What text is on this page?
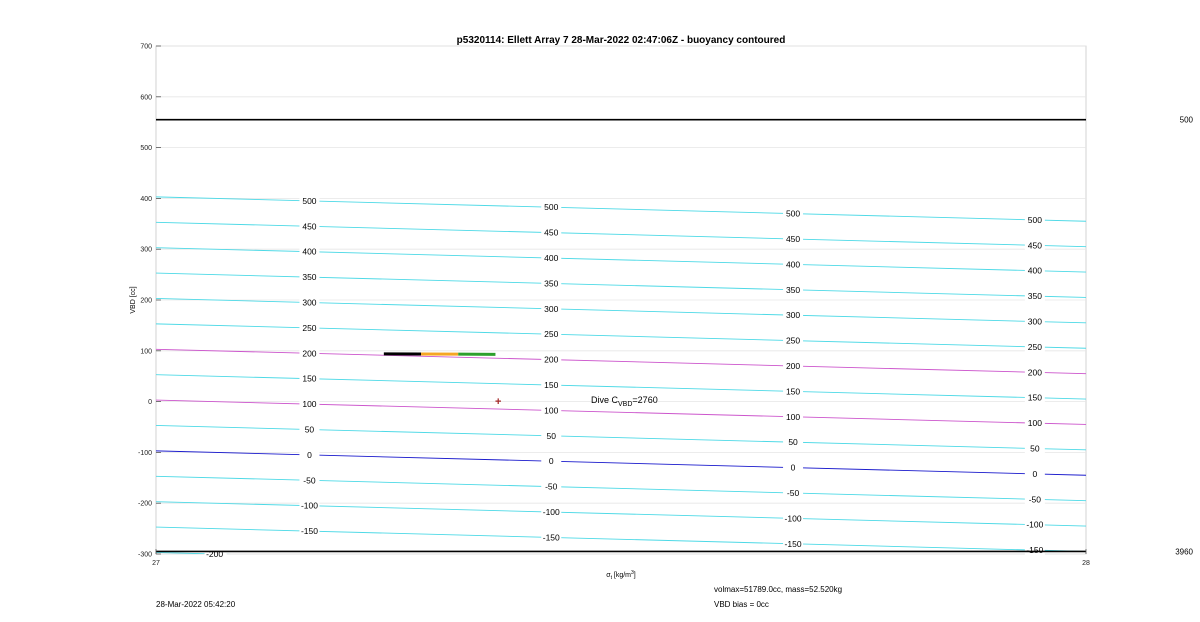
-200
-150
-150
-150
-150
-100
-100
-100
-100
-50
-50
-50
-50
0
0
0
0
50
50
50
50
100
100
100
100
150
150
150
150
200
200
200
200
250
250
250
250
300
300
300
300
350
350
350
350
400
400
400
400
450
450
450
450
500
500
500
500
500
3960
+
-300
-200
-100
0
100
200
300
400
500
600
700
27	28
p5320114: Ellett Array 7 28-Mar-2022 02:47:06Z - buoyancy contoured
VBD [cc]
$\sigma_t$ $[kg/m^3]$
Dive $C_{VBD}=2760$
28-Mar-2022 05:42:20
volmax=51789.0cc, mass=52.520kg
VBD bias = 0cc
